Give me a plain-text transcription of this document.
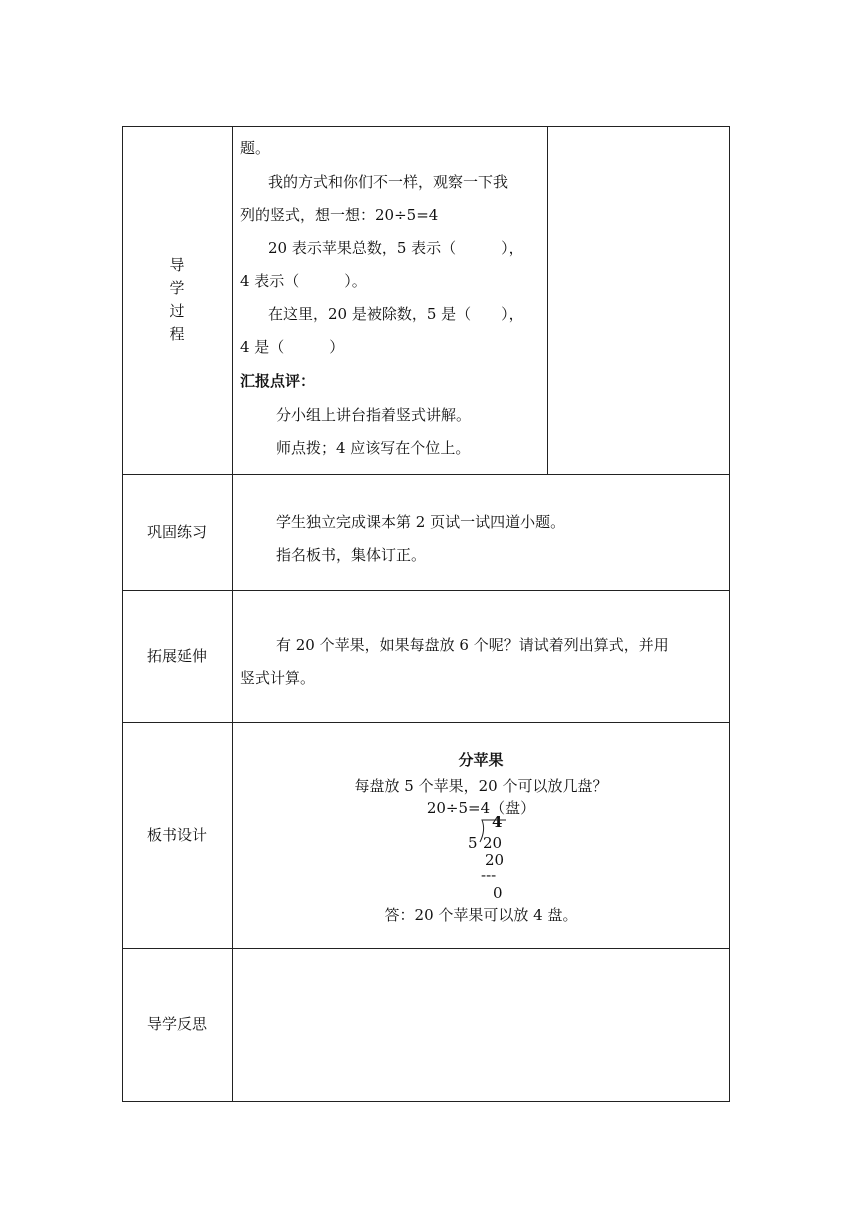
导
学
过
程
题。
我的方式和你们不一样，观察一下我
列的竖式，想一想：20÷5=4
20 表示苹果总数，5 表示（　　　），
4 表示（　　　）。
在这里，20 是被除数，5 是（　　），
4 是（　　　）
汇报点评：
分小组上讲台指着竖式讲解。
师点拨；4 应该写在个位上。
巩固练习
学生独立完成课本第 2 页试一试四道小题。
指名板书，集体订正。
拓展延伸
有 20 个苹果，如果每盘放 6 个呢？请试着列出算式，并用
竖式计算。
板书设计
分苹果
每盘放 5 个苹果，20 个可以放几盘？
20÷5=4（盘）
4
5 20
20
---
0
答：20 个苹果可以放 4 盘。
导学反思
